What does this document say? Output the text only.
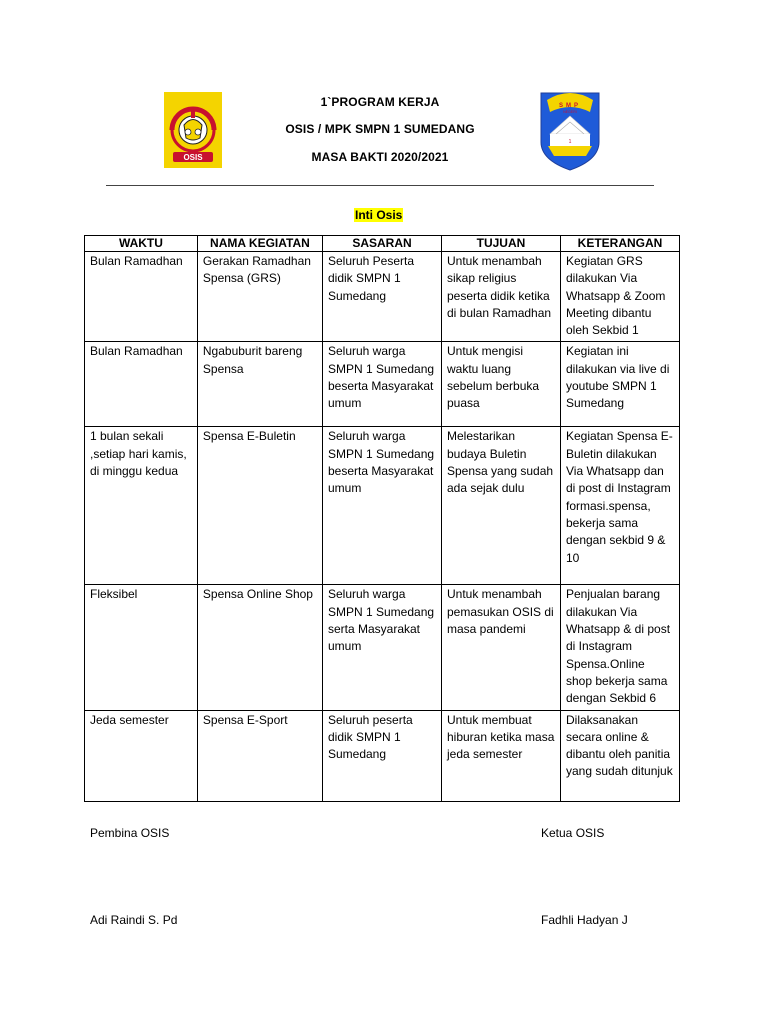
OSIS
SMP
NEGERI
1
1`PROGRAM KERJA
OSIS / MPK SMPN 1 SUMEDANG
MASA BAKTI 2020/2021
Inti Osis
WAKTU	NAMA KEGIATAN	SASARAN	TUJUAN	KETERANGAN
Bulan Ramadhan	Gerakan Ramadhan Spensa (GRS)	Seluruh Peserta didik SMPN 1 Sumedang	Untuk menambah sikap religius peserta didik ketika di bulan Ramadhan	Kegiatan GRS dilakukan Via Whatsapp & Zoom Meeting dibantu oleh Sekbid 1
Bulan Ramadhan	Ngabuburit bareng Spensa	Seluruh warga SMPN 1 Sumedang beserta Masyarakat umum	Untuk mengisi waktu luang sebelum berbuka puasa	Kegiatan ini dilakukan via live di youtube SMPN 1 Sumedang
1 bulan sekali ,setiap hari kamis, di minggu kedua	Spensa E-Buletin	Seluruh warga SMPN 1 Sumedang beserta Masyarakat umum	Melestarikan budaya Buletin Spensa yang sudah ada sejak dulu	Kegiatan Spensa E-Buletin dilakukan Via Whatsapp dan di post di Instagram formasi.spensa, bekerja sama dengan sekbid 9 & 10
Fleksibel	Spensa Online Shop	Seluruh warga SMPN 1 Sumedang serta Masyarakat umum	Untuk menambah pemasukan OSIS di masa pandemi	Penjualan barang dilakukan Via Whatsapp & di post di Instagram Spensa.Online shop bekerja sama dengan Sekbid 6
Jeda semester	Spensa E-Sport	Seluruh peserta didik SMPN 1 Sumedang	Untuk membuat hiburan ketika masa jeda semester	Dilaksanakan secara online & dibantu oleh panitia yang sudah ditunjuk
Pembina OSIS	Ketua OSIS
Adi Raindi S. Pd	Fadhli Hadyan J
